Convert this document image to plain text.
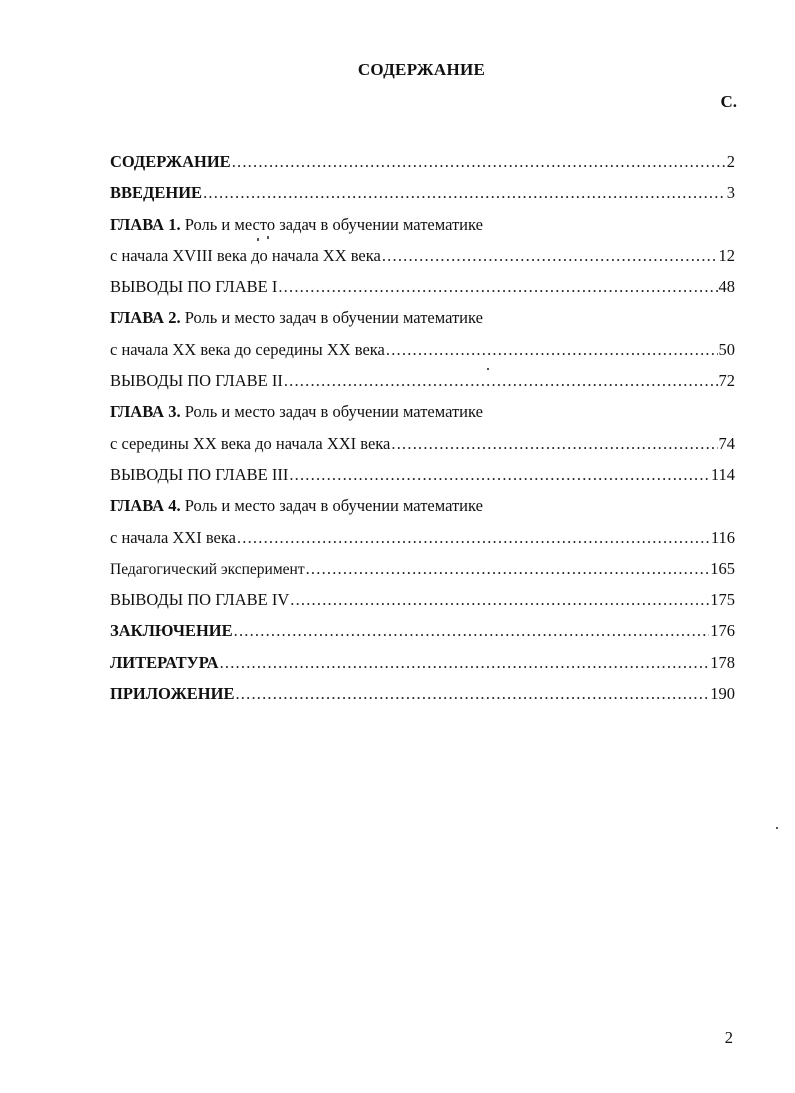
СОДЕРЖАНИЕ
С.
СОДЕРЖАНИЕ .....	2
ВВЕДЕНИЕ .....	3
ГЛАВА 1. Роль и место задач в обучении математике
с начала XVIII века до начала XX века .....	12
ВЫВОДЫ ПО ГЛАВЕ I .....	48
ГЛАВА 2. Роль и место задач в обучении математике
с начала XX века до середины XX века .....	50
ВЫВОДЫ ПО ГЛАВЕ II .....	72
ГЛАВА 3. Роль и место задач в обучении математике
с середины XX века до начала XXI века .....	74
ВЫВОДЫ ПО ГЛАВЕ III .....	114
ГЛАВА 4. Роль и место задач в обучении математике
с начала XXI века .....	116
Педагогический эксперимент .....	165
ВЫВОДЫ ПО ГЛАВЕ IV .....	175
ЗАКЛЮЧЕНИЕ .....	176
ЛИТЕРАТУРА .....	178
ПРИЛОЖЕНИЕ .....	190
2
